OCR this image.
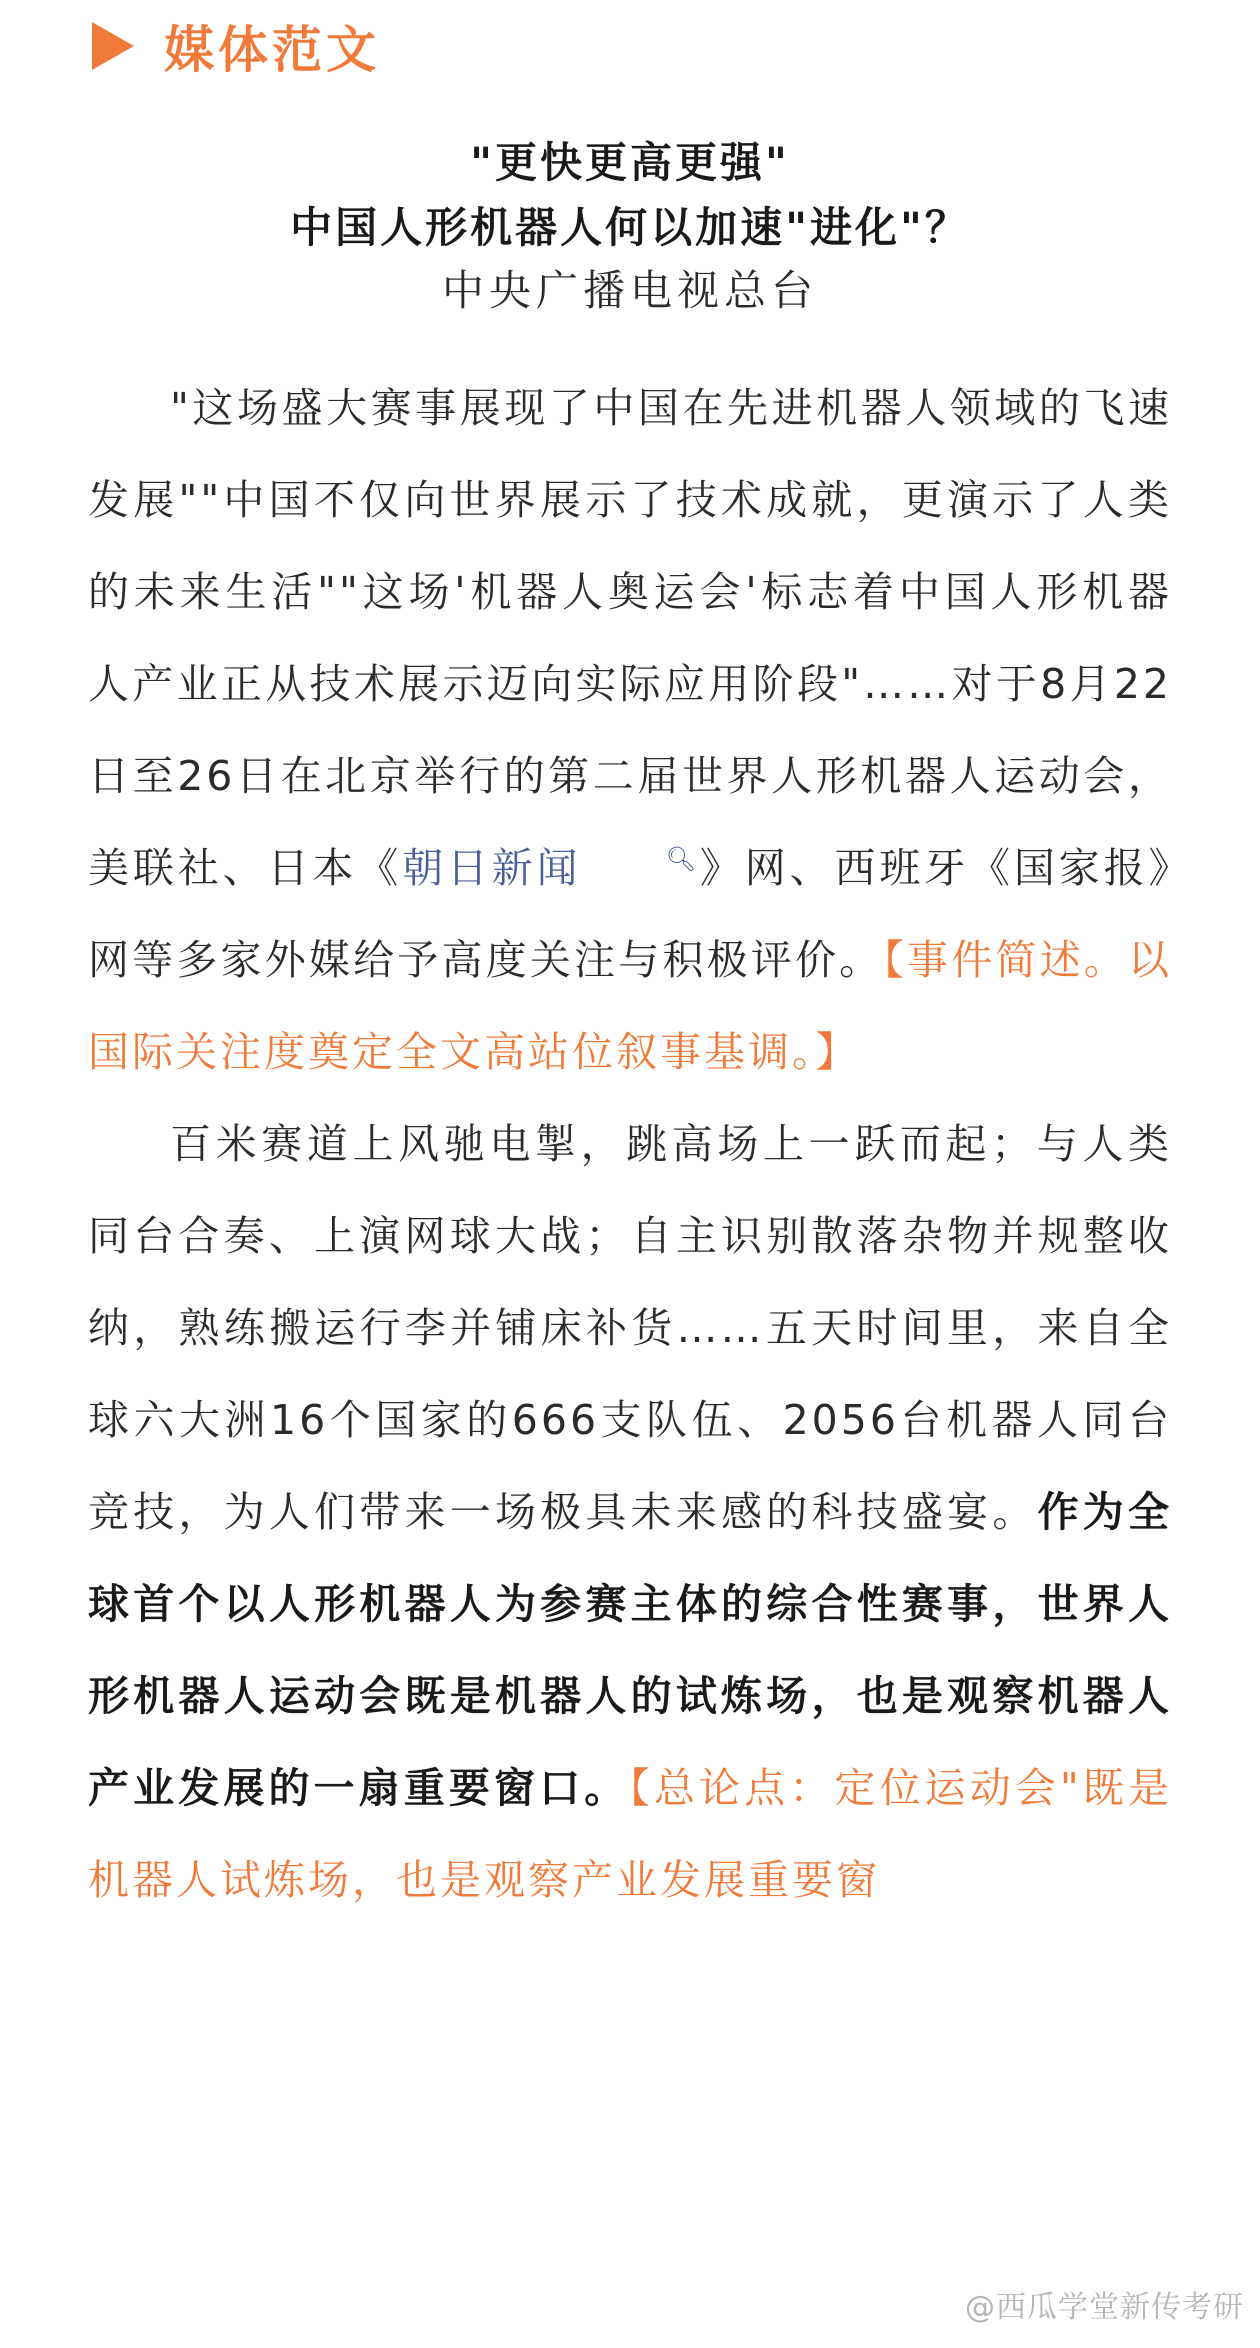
媒体范文
"更快更高更强"
中国人形机器人何以加速"进化"？
中央广播电视总台

"这场盛大赛事展现了中国在先进机器人领域的飞速发展""中国不仅向世界展示了技术成就，更演示了人类的未来生活""这场'机器人奥运会'标志着中国人形机器人产业正从技术展示迈向实际应用阶段"……对于8月22日至26日在北京举行的第二届世界人形机器人运动会，美联社、日本《朝日新闻	🔍︎》网、西班牙《国家报》网等多家外媒给予高度关注与积极评价。【事件简述。以国际关注度奠定全文高站位叙事基调。】

百米赛道上风驰电掣，跳高场上一跃而起；与人类同台合奏、上演网球大战；自主识别散落杂物并规整收纳，熟练搬运行李并铺床补货……五天时间里，来自全球六大洲16个国家的666支队伍、2056台机器人同台竞技，为人们带来一场极具未来感的科技盛宴。作为全球首个以人形机器人为参赛主体的综合性赛事，世界人形机器人运动会既是机器人的试炼场，也是观察机器人产业发展的一扇重要窗口。【总论点：定位运动会"既是机器人试炼场，也是观察产业发展重要窗

@西瓜学堂新传考研
